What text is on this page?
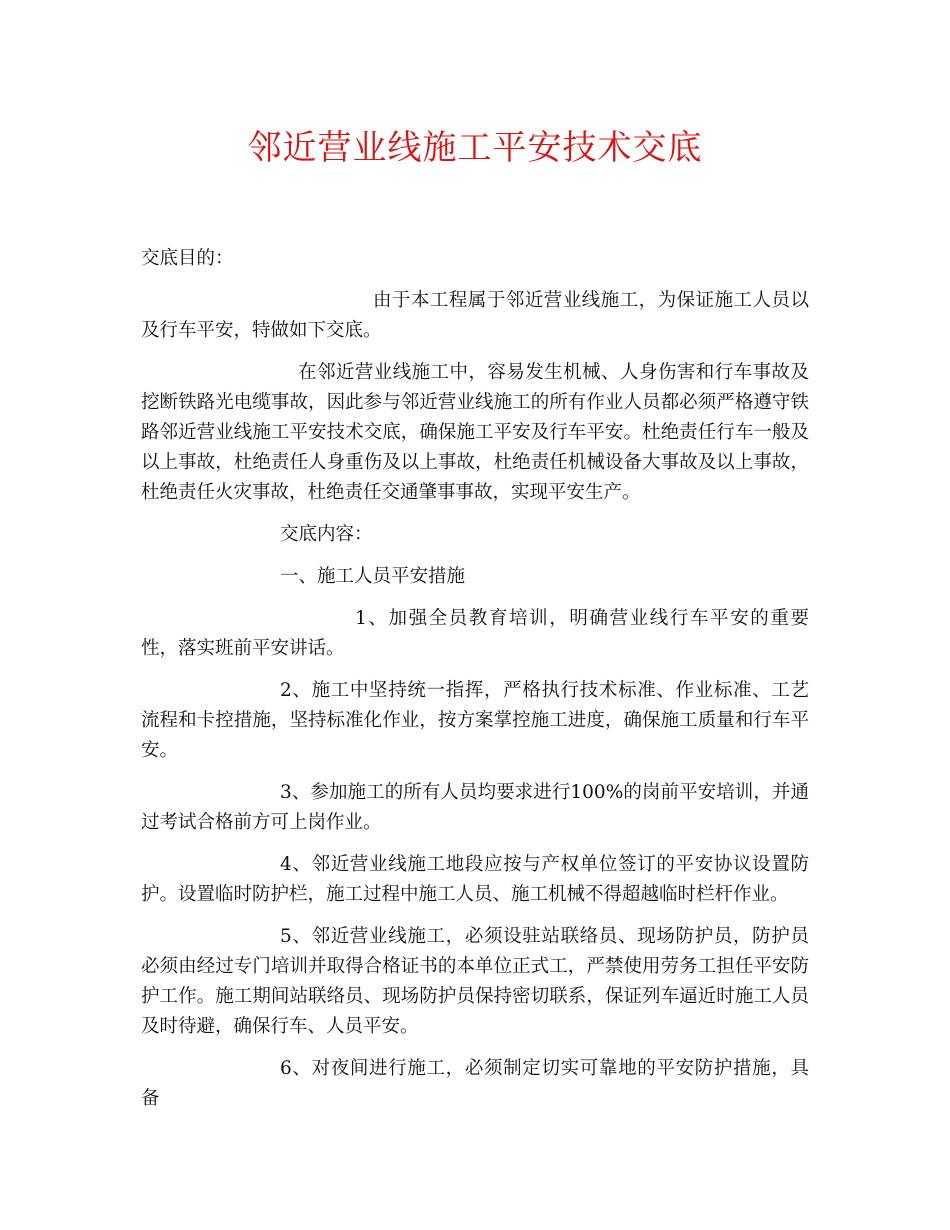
邻近营业线施工平安技术交底

交底目的：

由于本工程属于邻近营业线施工，为保证施工人员以及行车平安，特做如下交底。

在邻近营业线施工中，容易发生机械、人身伤害和行车事故及挖断铁路光电缆事故，因此参与邻近营业线施工的所有作业人员都必须严格遵守铁路邻近营业线施工平安技术交底，确保施工平安及行车平安。杜绝责任行车一般及以上事故，杜绝责任人身重伤及以上事故，杜绝责任机械设备大事故及以上事故，杜绝责任火灾事故，杜绝责任交通肇事事故，实现平安生产。

交底内容：

一、施工人员平安措施

1、加强全员教育培训，明确营业线行车平安的重要性，落实班前平安讲话。

2、施工中坚持统一指挥，严格执行技术标准、作业标准、工艺流程和卡控措施，坚持标准化作业，按方案掌控施工进度，确保施工质量和行车平安。

3、参加施工的所有人员均要求进行100%的岗前平安培训，并通过考试合格前方可上岗作业。

4、邻近营业线施工地段应按与产权单位签订的平安协议设置防护。设置临时防护栏，施工过程中施工人员、施工机械不得超越临时栏杆作业。

5、邻近营业线施工，必须设驻站联络员、现场防护员，防护员必须由经过专门培训并取得合格证书的本单位正式工，严禁使用劳务工担任平安防护工作。施工期间站联络员、现场防护员保持密切联系，保证列车逼近时施工人员及时待避，确保行车、人员平安。

6、对夜间进行施工，必须制定切实可靠地的平安防护措施，具备
